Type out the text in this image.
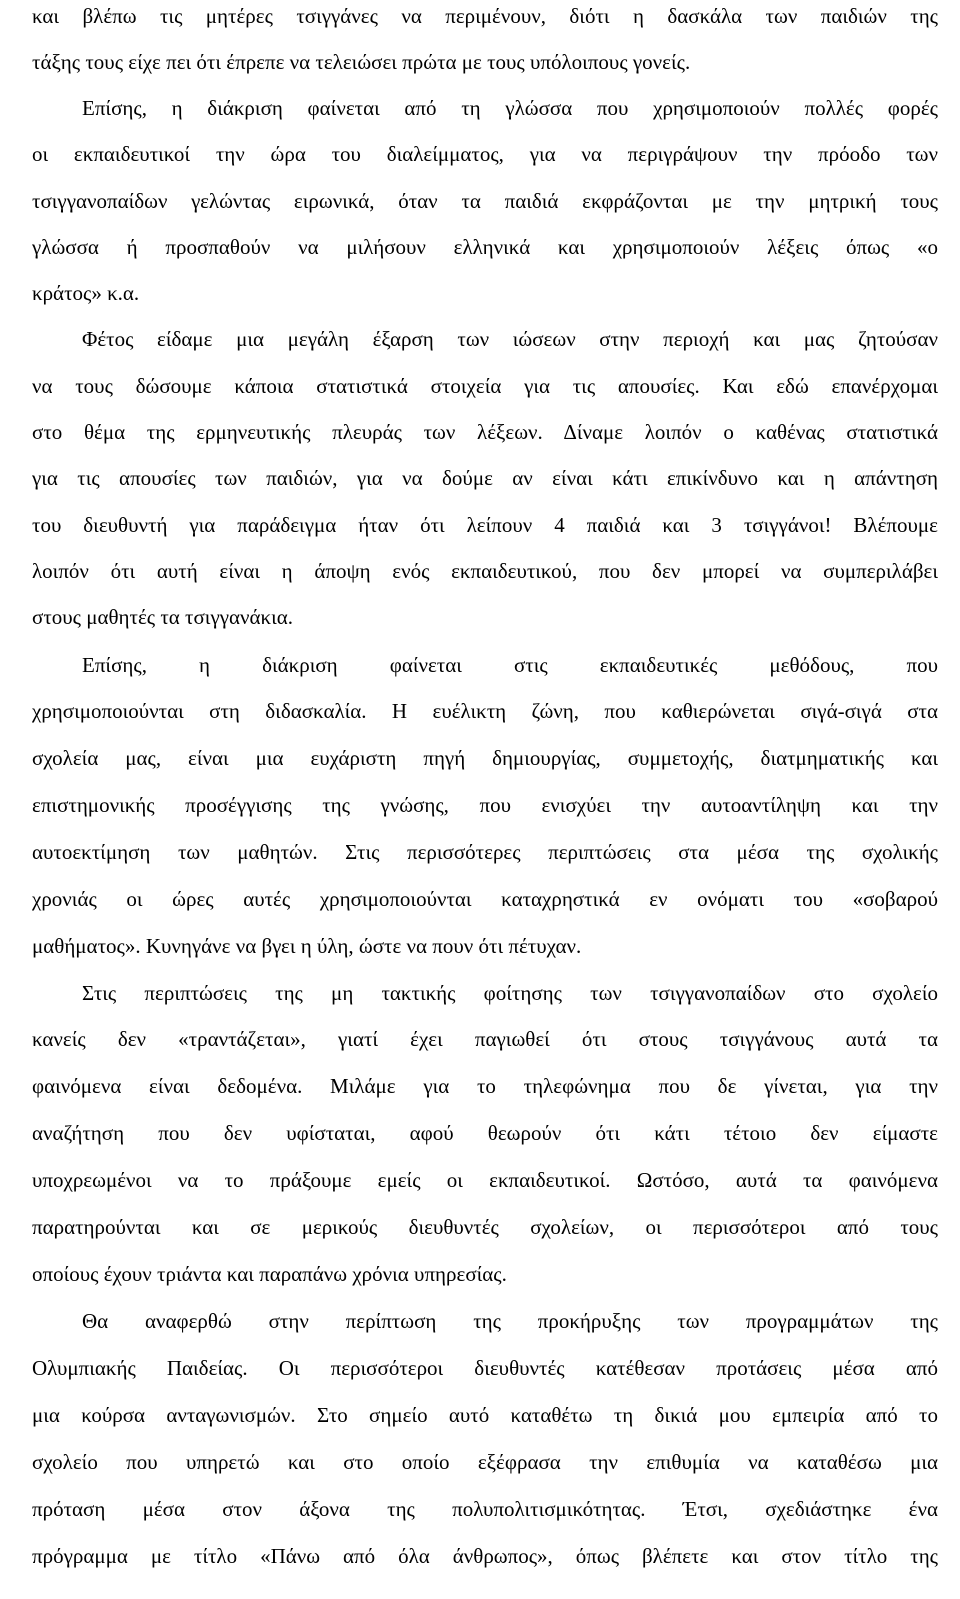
και βλέπω τις μητέρες τσιγγάνες να περιμένουν, διότι η δασκάλα των παιδιών της
τάξης τους είχε πει ότι έπρεπε να τελειώσει πρώτα με τους υπόλοιπους γονείς.
Επίσης, η διάκριση φαίνεται από τη γλώσσα που χρησιμοποιούν πολλές φορές
οι εκπαιδευτικοί την ώρα του διαλείμματος, για να περιγράψουν την πρόοδο των
τσιγγανοπαίδων γελώντας ειρωνικά, όταν τα παιδιά εκφράζονται με την μητρική τους
γλώσσα ή προσπαθούν να μιλήσουν ελληνικά και χρησιμοποιούν λέξεις όπως «ο
κράτος» κ.α.
Φέτος είδαμε μια μεγάλη έξαρση των ιώσεων στην περιοχή και μας ζητούσαν
να τους δώσουμε κάποια στατιστικά στοιχεία για τις απουσίες. Και εδώ επανέρχομαι
στο θέμα της ερμηνευτικής πλευράς των λέξεων. Δίναμε λοιπόν ο καθένας στατιστικά
για τις απουσίες των παιδιών, για να δούμε αν είναι κάτι επικίνδυνο και η απάντηση
του διευθυντή για παράδειγμα ήταν ότι λείπουν 4 παιδιά και 3 τσιγγάνοι! Βλέπουμε
λοιπόν ότι αυτή είναι η άποψη ενός εκπαιδευτικού, που δεν μπορεί να συμπεριλάβει
στους μαθητές τα τσιγγανάκια.
Επίσης, η διάκριση φαίνεται στις εκπαιδευτικές μεθόδους, που
χρησιμοποιούνται στη διδασκαλία. Η ευέλικτη ζώνη, που καθιερώνεται σιγά-σιγά στα
σχολεία μας, είναι μια ευχάριστη πηγή δημιουργίας, συμμετοχής, διατμηματικής και
επιστημονικής προσέγγισης της γνώσης, που ενισχύει την αυτοαντίληψη και την
αυτοεκτίμηση των μαθητών. Στις περισσότερες περιπτώσεις στα μέσα της σχολικής
χρονιάς οι ώρες αυτές χρησιμοποιούνται καταχρηστικά εν ονόματι του «σοβαρού
μαθήματος». Κυνηγάνε να βγει η ύλη, ώστε να πουν ότι πέτυχαν.
Στις περιπτώσεις της μη τακτικής φοίτησης των τσιγγανοπαίδων στο σχολείο
κανείς δεν «τραντάζεται», γιατί έχει παγιωθεί ότι στους τσιγγάνους αυτά τα
φαινόμενα είναι δεδομένα. Μιλάμε για το τηλεφώνημα που δε γίνεται, για την
αναζήτηση που δεν υφίσταται, αφού θεωρούν ότι κάτι τέτοιο δεν είμαστε
υποχρεωμένοι να το πράξουμε εμείς οι εκπαιδευτικοί. Ωστόσο, αυτά τα φαινόμενα
παρατηρούνται και σε μερικούς διευθυντές σχολείων, οι περισσότεροι από τους
οποίους έχουν τριάντα και παραπάνω χρόνια υπηρεσίας.
Θα αναφερθώ στην περίπτωση της προκήρυξης των προγραμμάτων της
Ολυμπιακής Παιδείας. Οι περισσότεροι διευθυντές κατέθεσαν προτάσεις μέσα από
μια κούρσα ανταγωνισμών. Στο σημείο αυτό καταθέτω τη δικιά μου εμπειρία από το
σχολείο που υπηρετώ και στο οποίο εξέφρασα την επιθυμία να καταθέσω μια
πρόταση μέσα στον άξονα της πολυπολιτισμικότητας. Έτσι, σχεδιάστηκε ένα
πρόγραμμα με τίτλο «Πάνω από όλα άνθρωπος», όπως βλέπετε και στον τίτλο της
